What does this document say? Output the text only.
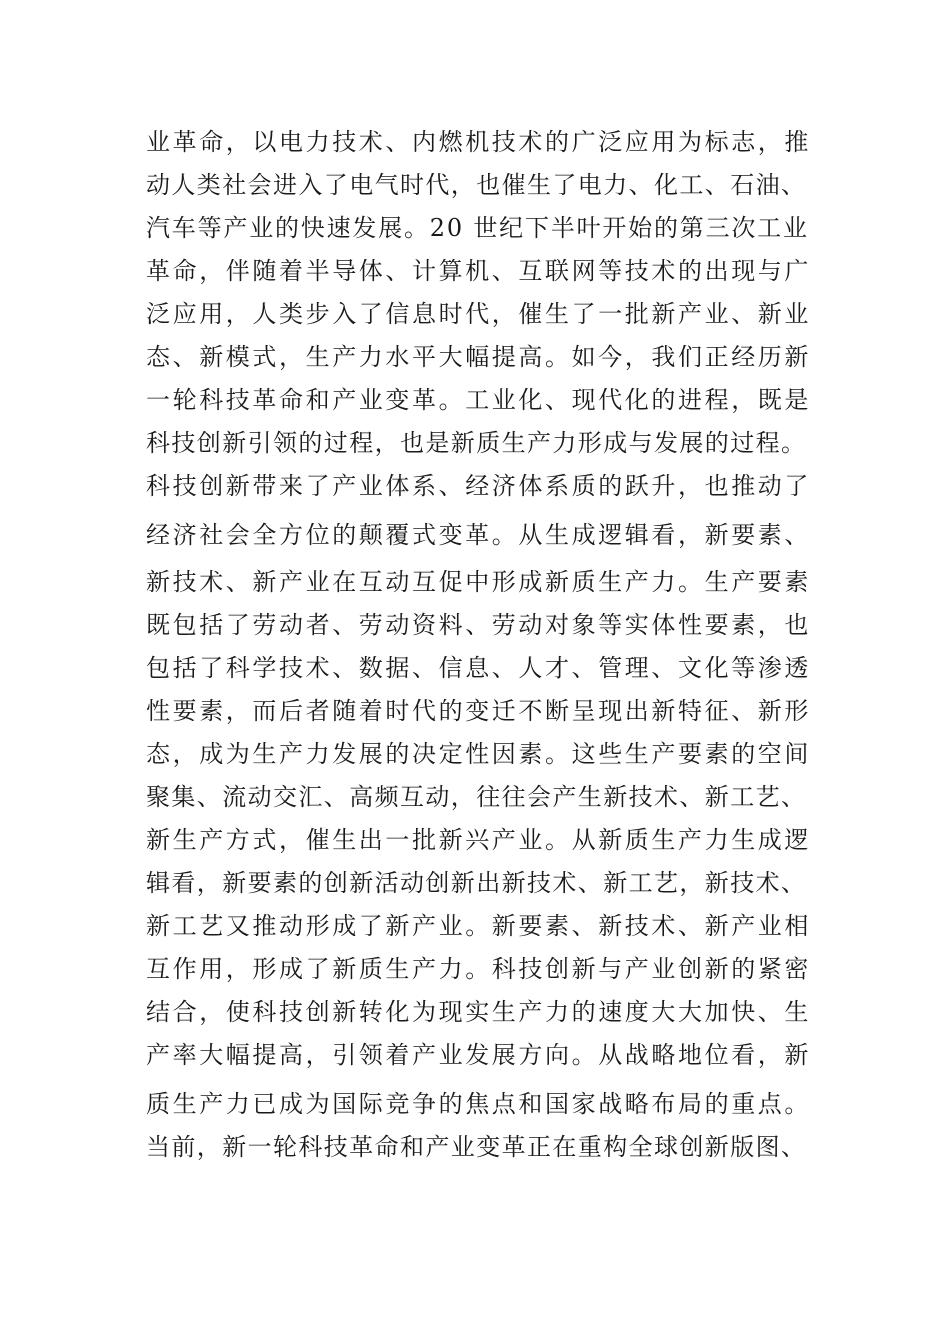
业革命，以电力技术、内燃机技术的广泛应用为标志，推
动人类社会进入了电气时代，也催生了电力、化工、石油、
汽车等产业的快速发展。20 世纪下半叶开始的第三次工业
革命，伴随着半导体、计算机、互联网等技术的出现与广
泛应用，人类步入了信息时代，催生了一批新产业、新业
态、新模式，生产力水平大幅提高。如今，我们正经历新
一轮科技革命和产业变革。工业化、现代化的进程，既是
科技创新引领的过程，也是新质生产力形成与发展的过程。
科技创新带来了产业体系、经济体系质的跃升，也推动了
经济社会全方位的颠覆式变革。从生成逻辑看，新要素、
新技术、新产业在互动互促中形成新质生产力。生产要素
既包括了劳动者、劳动资料、劳动对象等实体性要素，也
包括了科学技术、数据、信息、人才、管理、文化等渗透
性要素，而后者随着时代的变迁不断呈现出新特征、新形
态，成为生产力发展的决定性因素。这些生产要素的空间
聚集、流动交汇、高频互动，往往会产生新技术、新工艺、
新生产方式，催生出一批新兴产业。从新质生产力生成逻
辑看，新要素的创新活动创新出新技术、新工艺，新技术、
新工艺又推动形成了新产业。新要素、新技术、新产业相
互作用，形成了新质生产力。科技创新与产业创新的紧密
结合，使科技创新转化为现实生产力的速度大大加快、生
产率大幅提高，引领着产业发展方向。从战略地位看，新
质生产力已成为国际竞争的焦点和国家战略布局的重点。
当前，新一轮科技革命和产业变革正在重构全球创新版图、
